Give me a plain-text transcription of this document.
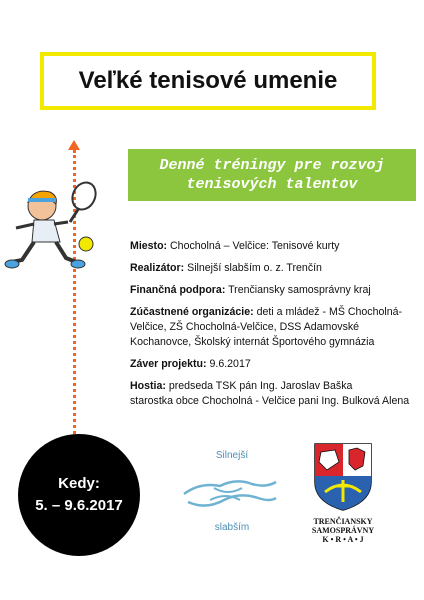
Veľké tenisové umenie
Denné tréningy pre rozvoj
tenisových talentov

Miesto: Chocholná – Velčice: Tenisové kurty

Realizátor: Silnejší slabším o. z. Trenčín

Finančná podpora: Trenčiansky samosprávny kraj

Zúčastnené organizácie: deti a mládež - MŠ Chocholná-Velčice, ZŠ Chocholná-Velčice, DSS Adamovské Kochanovce, Školský internát Športového gymnázia

Záver projektu: 9.6.2017

Hostia: predseda TSK pán Ing. Jaroslav Baška
starostka obce Chocholná - Velčice pani Ing. Bulková Alena

Kedy:
5. – 9.6.2017
Silnejší
slabším
TRENČIANSKY
SAMOSPRÁVNY
K • R • A • J
